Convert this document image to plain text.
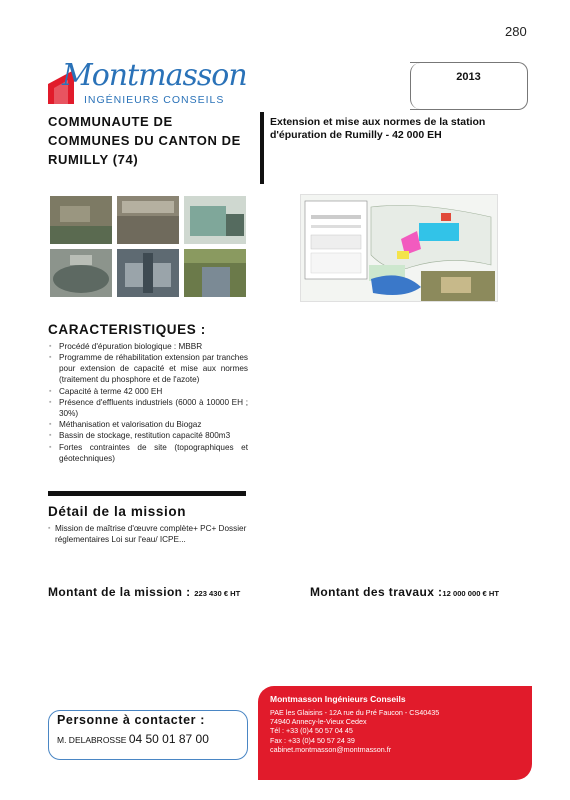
280
Montmasson
INGÉNIEURS CONSEILS
2013
COMMUNAUTE DE COMMUNES DU CANTON DE RUMILLY (74)
Extension et mise aux normes de la station d'épuration de Rumilly - 42 000 EH
CARACTERISTIQUES :
▪ Procédé d'épuration biologique : MBBR
▪ Programme de réhabilitation extension par tranches pour extension de capacité et mise aux normes (traitement du phosphore et de l'azote)
▪ Capacité à terme 42 000 EH
▪ Présence d'effluents industriels (6000 à 10000 EH ; 30%)
▪ Méthanisation et valorisation du Biogaz
▪ Bassin de stockage, restitution capacité 800m3
▪ Fortes contraintes de site (topographiques et géotechniques)
Détail de la mission
▪ Mission de maîtrise d'œuvre complète+ PC+ Dossier réglementaires Loi sur l'eau/ ICPE...
Montant de la mission : 223 430 € HT	Montant des travaux :12 000 000 € HT
Personne à contacter :
M. DELABROSSE 04 50 01 87 00
Montmasson Ingénieurs Conseils
PAE les Glaisins - 12A rue du Pré Faucon - CS40435
74940 Annecy-le-Vieux Cedex
Tél : +33 (0)4 50 57 04 45
Fax : +33 (0)4 50 57 24 39
cabinet.montmasson@montmasson.fr
